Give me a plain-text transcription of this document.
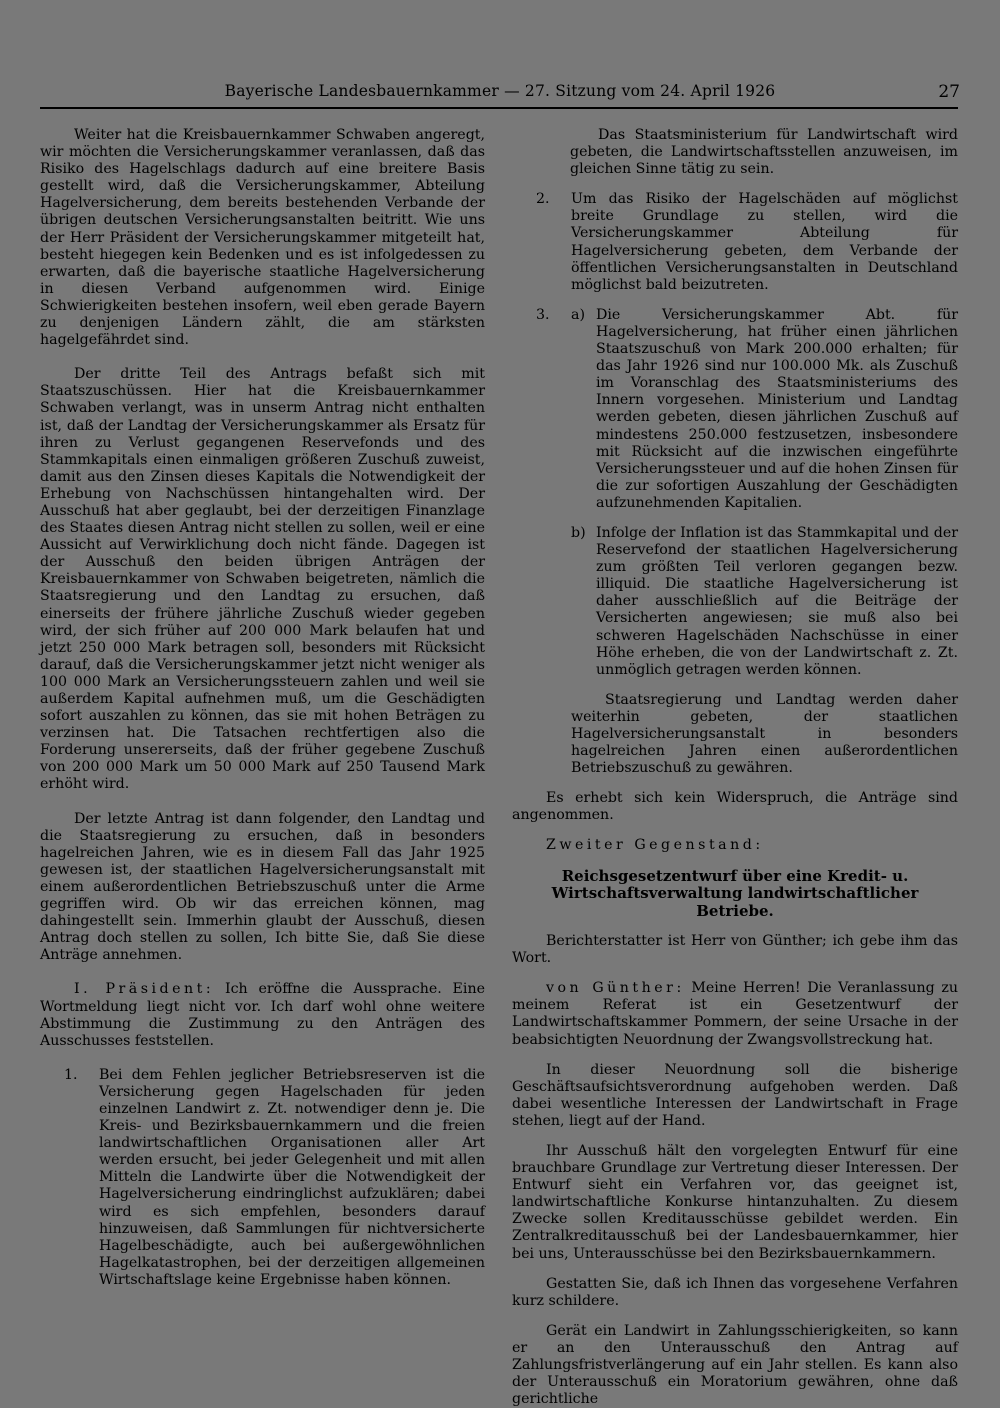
Bayerische Landesbauernkammer — 27. Sitzung vom 24. April 1926	27

Weiter hat die Kreisbauernkammer Schwaben angeregt, wir möchten die Versicherungskammer veranlassen, daß das Risiko des Hagelschlags dadurch auf eine breitere Basis gestellt wird, daß die Versicherungskammer, Abteilung Hagelversicherung, dem bereits bestehenden Verbande der übrigen deutschen Versicherungsanstalten beitritt. Wie uns der Herr Präsident der Versicherungskammer mitgeteilt hat, besteht hiegegen kein Bedenken und es ist infolgedessen zu erwarten, daß die bayerische staatliche Hagelversicherung in diesen Verband aufgenommen wird. Einige Schwierigkeiten bestehen insofern, weil eben gerade Bayern zu denjenigen Ländern zählt, die am stärksten hagelgefährdet sind.

Der dritte Teil des Antrags befaßt sich mit Staatszuschüssen. Hier hat die Kreisbauernkammer Schwaben verlangt, was in unserm Antrag nicht enthalten ist, daß der Landtag der Versicherungskammer als Ersatz für ihren zu Verlust gegangenen Reservefonds und des Stammkapitals einen einmaligen größeren Zuschuß zuweist, damit aus den Zinsen dieses Kapitals die Notwendigkeit der Erhebung von Nachschüssen hintangehalten wird. Der Ausschuß hat aber geglaubt, bei der derzeitigen Finanzlage des Staates diesen Antrag nicht stellen zu sollen, weil er eine Aussicht auf Verwirklichung doch nicht fände. Dagegen ist der Ausschuß den beiden übrigen Anträgen der Kreisbauernkammer von Schwaben beigetreten, nämlich die Staatsregierung und den Landtag zu ersuchen, daß einerseits der frühere jährliche Zuschuß wieder gegeben wird, der sich früher auf 200 000 Mark belaufen hat und jetzt 250 000 Mark betragen soll, besonders mit Rücksicht darauf, daß die Versicherungskammer jetzt nicht weniger als 100 000 Mark an Versicherungssteuern zahlen und weil sie außerdem Kapital aufnehmen muß, um die Geschädigten sofort auszahlen zu können, das sie mit hohen Beträgen zu verzinsen hat. Die Tatsachen rechtfertigen also die Forderung unsererseits, daß der früher gegebene Zuschuß von 200 000 Mark um 50 000 Mark auf 250 Tausend Mark erhöht wird.

Der letzte Antrag ist dann folgender, den Landtag und die Staatsregierung zu ersuchen, daß in besonders hagelreichen Jahren, wie es in diesem Fall das Jahr 1925 gewesen ist, der staatlichen Hagelversicherungsanstalt mit einem außerordentlichen Betriebszuschuß unter die Arme gegriffen wird. Ob wir das erreichen können, mag dahingestellt sein. Immerhin glaubt der Ausschuß, diesen Antrag doch stellen zu sollen, Ich bitte Sie, daß Sie diese Anträge annehmen.

I. Präsident: Ich eröffne die Aussprache. Eine Wortmeldung liegt nicht vor. Ich darf wohl ohne weitere Abstimmung die Zustimmung zu den Anträgen des Ausschusses feststellen.

1.	Bei dem Fehlen jeglicher Betriebsreserven ist die Versicherung gegen Hagelschaden für jeden einzelnen Landwirt z. Zt. notwendiger denn je. Die Kreis- und Bezirksbauernkammern und die freien landwirtschaftlichen Organisationen aller Art werden ersucht, bei jeder Gelegenheit und mit allen Mitteln die Landwirte über die Notwendigkeit der Hagelversicherung eindringlichst aufzuklären; dabei wird es sich empfehlen, besonders darauf hinzuweisen, daß Sammlungen für nichtversicherte Hagelbeschädigte, auch bei außergewöhnlichen Hagelkatastrophen, bei der derzeitigen allgemeinen Wirtschaftslage keine Ergebnisse haben können.

Das Staatsministerium für Landwirtschaft wird gebeten, die Landwirtschaftsstellen anzuweisen, im gleichen Sinne tätig zu sein.

2.	Um das Risiko der Hagelschäden auf möglichst breite Grundlage zu stellen, wird die Versicherungskammer Abteilung für Hagelversicherung gebeten, dem Verbande der öffentlichen Versicherungsanstalten in Deutschland möglichst bald beizutreten.
3.	a) Die Versicherungskammer Abt. für Hagelversicherung, hat früher einen jährlichen Staatszuschuß von Mark 200.000 erhalten; für das Jahr 1926 sind nur 100.000 Mk. als Zuschuß im Voranschlag des Staatsministeriums des Innern vorgesehen. Ministerium und Landtag werden gebeten, diesen jährlichen Zuschuß auf mindestens 250.000 festzusetzen, insbesondere mit Rücksicht auf die inzwischen eingeführte Versicherungssteuer und auf die hohen Zinsen für die zur sofortigen Auszahlung der Geschädigten aufzunehmenden Kapitalien.
b) Infolge der Inflation ist das Stammkapital und der Reservefond der staatlichen Hagelversicherung zum größten Teil verloren gegangen bezw. illiquid. Die staatliche Hagelversicherung ist daher ausschließlich auf die Beiträge der Versicherten angewiesen; sie muß also bei schweren Hagelschäden Nachschüsse in einer Höhe erheben, die von der Landwirtschaft z. Zt. unmöglich getragen werden können.

Staatsregierung und Landtag werden daher weiterhin gebeten, der staatlichen Hagelversicherungsanstalt in besonders hagelreichen Jahren einen außerordentlichen Betriebszuschuß zu gewähren.

Es erhebt sich kein Widerspruch, die Anträge sind angenommen.

Zweiter Gegenstand:

Reichsgesetzentwurf über eine Kredit- u. Wirtschaftsverwaltung landwirtschaftlicher Betriebe.

Berichterstatter ist Herr von Günther; ich gebe ihm das Wort.

von Günther: Meine Herren! Die Veranlassung zu meinem Referat ist ein Gesetzentwurf der Landwirtschaftskammer Pommern, der seine Ursache in der beabsichtigten Neuordnung der Zwangsvollstreckung hat.

In dieser Neuordnung soll die bisherige Geschäftsaufsichtsverordnung aufgehoben werden. Daß dabei wesentliche Interessen der Landwirtschaft in Frage stehen, liegt auf der Hand.

Ihr Ausschuß hält den vorgelegten Entwurf für eine brauchbare Grundlage zur Vertretung dieser Interessen. Der Entwurf sieht ein Verfahren vor, das geeignet ist, landwirtschaftliche Konkurse hintanzuhalten. Zu diesem Zwecke sollen Kreditausschüsse gebildet werden. Ein Zentralkreditausschuß bei der Landesbauernkammer, hier bei uns, Unterausschüsse bei den Bezirksbauernkammern.

Gestatten Sie, daß ich Ihnen das vorgesehene Verfahren kurz schildere.

Gerät ein Landwirt in Zahlungsschierigkeiten, so kann er an den Unterausschuß den Antrag auf Zahlungsfristverlängerung auf ein Jahr stellen. Es kann also der Unterausschuß ein Moratorium gewähren, ohne daß gerichtliche
